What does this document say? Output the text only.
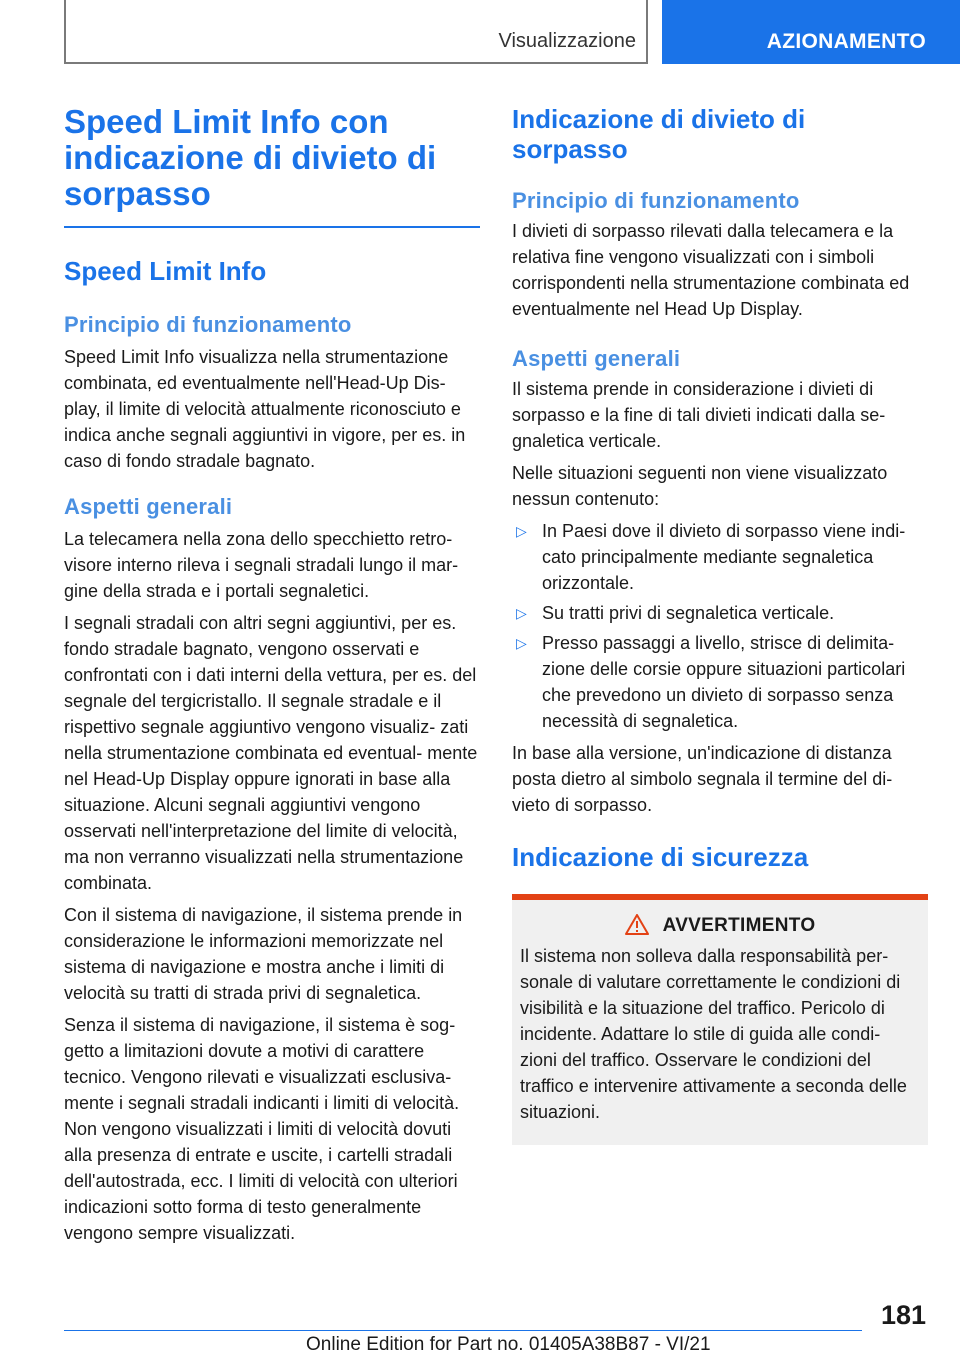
Visualizzazione	AZIONAMENTO
Speed Limit Info con indicazione di divieto di sorpasso
Speed Limit Info
Principio di funzionamento

Speed Limit Info visualizza nella strumentazione combinata, ed eventualmente nell'Head-Up Dis- play, il limite di velocità attualmente riconosciuto e indica anche segnali aggiuntivi in vigore, per es. in caso di fondo stradale bagnato.

Aspetti generali

La telecamera nella zona dello specchietto retro- visore interno rileva i segnali stradali lungo il mar- gine della strada e i portali segnaletici.

I segnali stradali con altri segni aggiuntivi, per es. fondo stradale bagnato, vengono osservati e confrontati con i dati interni della vettura, per es. del segnale del tergicristallo. Il segnale stradale e il rispettivo segnale aggiuntivo vengono visualiz- zati nella strumentazione combinata ed eventual- mente nel Head-Up Display oppure ignorati in base alla situazione. Alcuni segnali aggiuntivi vengono osservati nell'interpretazione del limite di velocità, ma non verranno visualizzati nella strumentazione combinata.

Con il sistema di navigazione, il sistema prende in considerazione le informazioni memorizzate nel sistema di navigazione e mostra anche i limiti di velocità su tratti di strada privi di segnaletica.

Senza il sistema di navigazione, il sistema è sog- getto a limitazioni dovute a motivi di carattere tecnico. Vengono rilevati e visualizzati esclusiva- mente i segnali stradali indicanti i limiti di velocità. Non vengono visualizzati i limiti di velocità dovuti alla presenza di entrate e uscite, i cartelli stradali dell'autostrada, ecc. I limiti di velocità con ulteriori indicazioni sotto forma di testo generalmente vengono sempre visualizzati.

Indicazione di divieto di sorpasso
Principio di funzionamento

I divieti di sorpasso rilevati dalla telecamera e la relativa fine vengono visualizzati con i simboli corrispondenti nella strumentazione combinata ed eventualmente nel Head Up Display.

Aspetti generali

Il sistema prende in considerazione i divieti di sorpasso e la fine di tali divieti indicati dalla se- gnaletica verticale.

Nelle situazioni seguenti non viene visualizzato nessun contenuto:

▷ In Paesi dove il divieto di sorpasso viene indi- cato principalmente mediante segnaletica orizzontale.
▷ Su tratti privi di segnaletica verticale.
▷ Presso passaggi a livello, strisce di delimita- zione delle corsie oppure situazioni particolari che prevedono un divieto di sorpasso senza necessità di segnaletica.

In base alla versione, un'indicazione di distanza posta dietro al simbolo segnala il termine del di- vieto di sorpasso.

Indicazione di sicurezza
AVVERTIMENTO

Il sistema non solleva dalla responsabilità per- sonale di valutare correttamente le condizioni di visibilità e la situazione del traffico. Pericolo di incidente. Adattare lo stile di guida alle condi- zioni del traffico. Osservare le condizioni del traffico e intervenire attivamente a seconda delle situazioni.

181
Online Edition for Part no. 01405A38B87 - VI/21
